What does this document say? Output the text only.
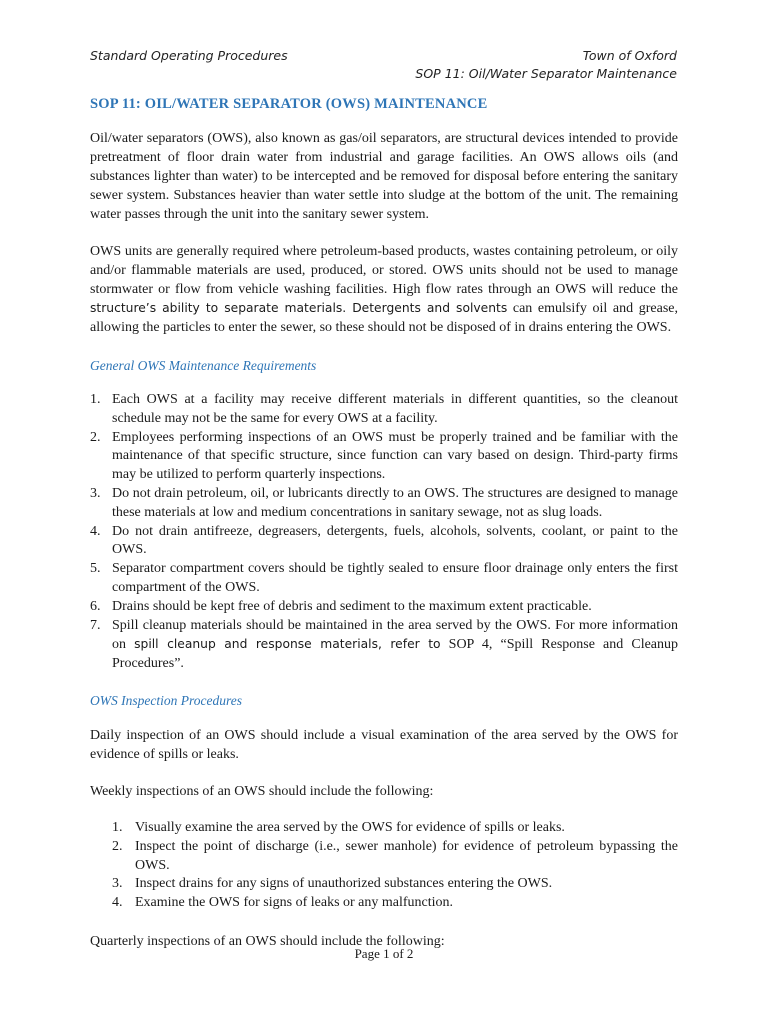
Standard Operating Procedures	Town of Oxford
SOP 11: Oil/Water Separator Maintenance
SOP 11: OIL/WATER SEPARATOR (OWS) MAINTENANCE

Oil/water separators (OWS), also known as gas/oil separators, are structural devices intended to provide pretreatment of floor drain water from industrial and garage facilities. An OWS allows oils (and substances lighter than water) to be intercepted and be removed for disposal before entering the sanitary sewer system. Substances heavier than water settle into sludge at the bottom of the unit. The remaining water passes through the unit into the sanitary sewer system.

OWS units are generally required where petroleum-based products, wastes containing petroleum, or oily and/or flammable materials are used, produced, or stored. OWS units should not be used to manage stormwater or flow from vehicle washing facilities. High flow rates through an OWS will reduce the structure’s ability to separate materials. Detergents and solvents can emulsify oil and grease, allowing the particles to enter the sewer, so these should not be disposed of in drains entering the OWS.

General OWS Maintenance Requirements
1. Each OWS at a facility may receive different materials in different quantities, so the cleanout schedule may not be the same for every OWS at a facility.
2. Employees performing inspections of an OWS must be properly trained and be familiar with the maintenance of that specific structure, since function can vary based on design. Third-party firms may be utilized to perform quarterly inspections.
3. Do not drain petroleum, oil, or lubricants directly to an OWS. The structures are designed to manage these materials at low and medium concentrations in sanitary sewage, not as slug loads.
4. Do not drain antifreeze, degreasers, detergents, fuels, alcohols, solvents, coolant, or paint to the OWS.
5. Separator compartment covers should be tightly sealed to ensure floor drainage only enters the first compartment of the OWS.
6. Drains should be kept free of debris and sediment to the maximum extent practicable.
7. Spill cleanup materials should be maintained in the area served by the OWS. For more information on spill cleanup and response materials, refer to SOP 4, “Spill Response and Cleanup Procedures”.
OWS Inspection Procedures

Daily inspection of an OWS should include a visual examination of the area served by the OWS for evidence of spills or leaks.

Weekly inspections of an OWS should include the following:

1. Visually examine the area served by the OWS for evidence of spills or leaks.
2. Inspect the point of discharge (i.e., sewer manhole) for evidence of petroleum bypassing the OWS.
3. Inspect drains for any signs of unauthorized substances entering the OWS.
4. Examine the OWS for signs of leaks or any malfunction.

Quarterly inspections of an OWS should include the following:

Page 1 of 2
